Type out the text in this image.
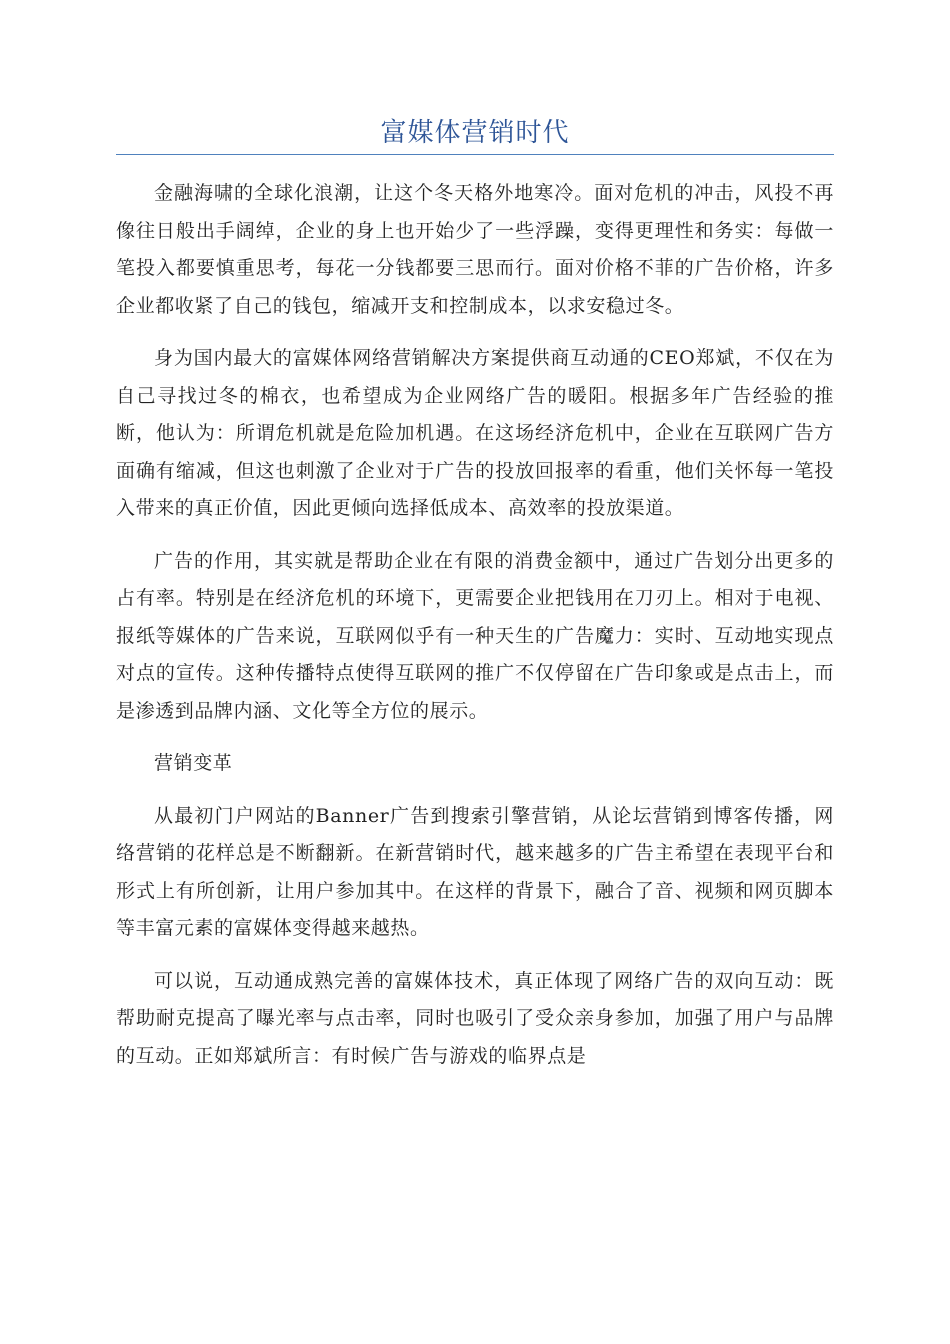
富媒体营销时代

金融海啸的全球化浪潮，让这个冬天格外地寒冷。面对危机的冲击，风投不再像往日般出手阔绰，企业的身上也开始少了一些浮躁，变得更理性和务实：每做一笔投入都要慎重思考，每花一分钱都要三思而行。面对价格不菲的广告价格，许多企业都收紧了自己的钱包，缩减开支和控制成本，以求安稳过冬。

身为国内最大的富媒体网络营销解决方案提供商互动通的CEO郑斌，不仅在为自己寻找过冬的棉衣，也希望成为企业网络广告的暖阳。根据多年广告经验的推断，他认为：所谓危机就是危险加机遇。在这场经济危机中，企业在互联网广告方面确有缩减，但这也刺激了企业对于广告的投放回报率的看重，他们关怀每一笔投入带来的真正价值，因此更倾向选择低成本、高效率的投放渠道。

广告的作用，其实就是帮助企业在有限的消费金额中，通过广告划分出更多的占有率。特别是在经济危机的环境下，更需要企业把钱用在刀刃上。相对于电视、报纸等媒体的广告来说，互联网似乎有一种天生的广告魔力：实时、互动地实现点对点的宣传。这种传播特点使得互联网的推广不仅停留在广告印象或是点击上，而是渗透到品牌内涵、文化等全方位的展示。

营销变革

从最初门户网站的Banner广告到搜索引擎营销，从论坛营销到博客传播，网络营销的花样总是不断翻新。在新营销时代，越来越多的广告主希望在表现平台和形式上有所创新，让用户参加其中。在这样的背景下，融合了音、视频和网页脚本等丰富元素的富媒体变得越来越热。

可以说，互动通成熟完善的富媒体技术，真正体现了网络广告的双向互动：既帮助耐克提高了曝光率与点击率，同时也吸引了受众亲身参加，加强了用户与品牌的互动。正如郑斌所言：有时候广告与游戏的临界点是
